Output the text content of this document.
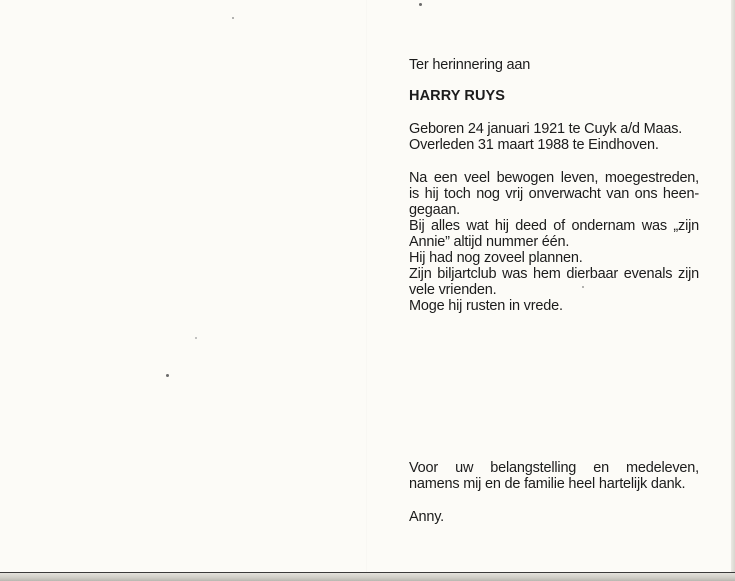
Ter herinnering aan

HARRY RUYS

Geboren 24 januari 1921 te Cuyk a/d Maas.

Overleden 31 maart 1988 te Eindhoven.

Na een veel bewogen leven, moegestreden,

is hij toch nog vrij onverwacht van ons heen-

gegaan.

Bij alles wat hij deed of ondernam was „zijn

Annie” altijd nummer één.

Hij had nog zoveel plannen.

Zijn biljartclub was hem dierbaar evenals zijn

vele vrienden.

Moge hij rusten in vrede.

Voor uw belangstelling en medeleven,

namens mij en de familie heel hartelijk dank.

Anny.
